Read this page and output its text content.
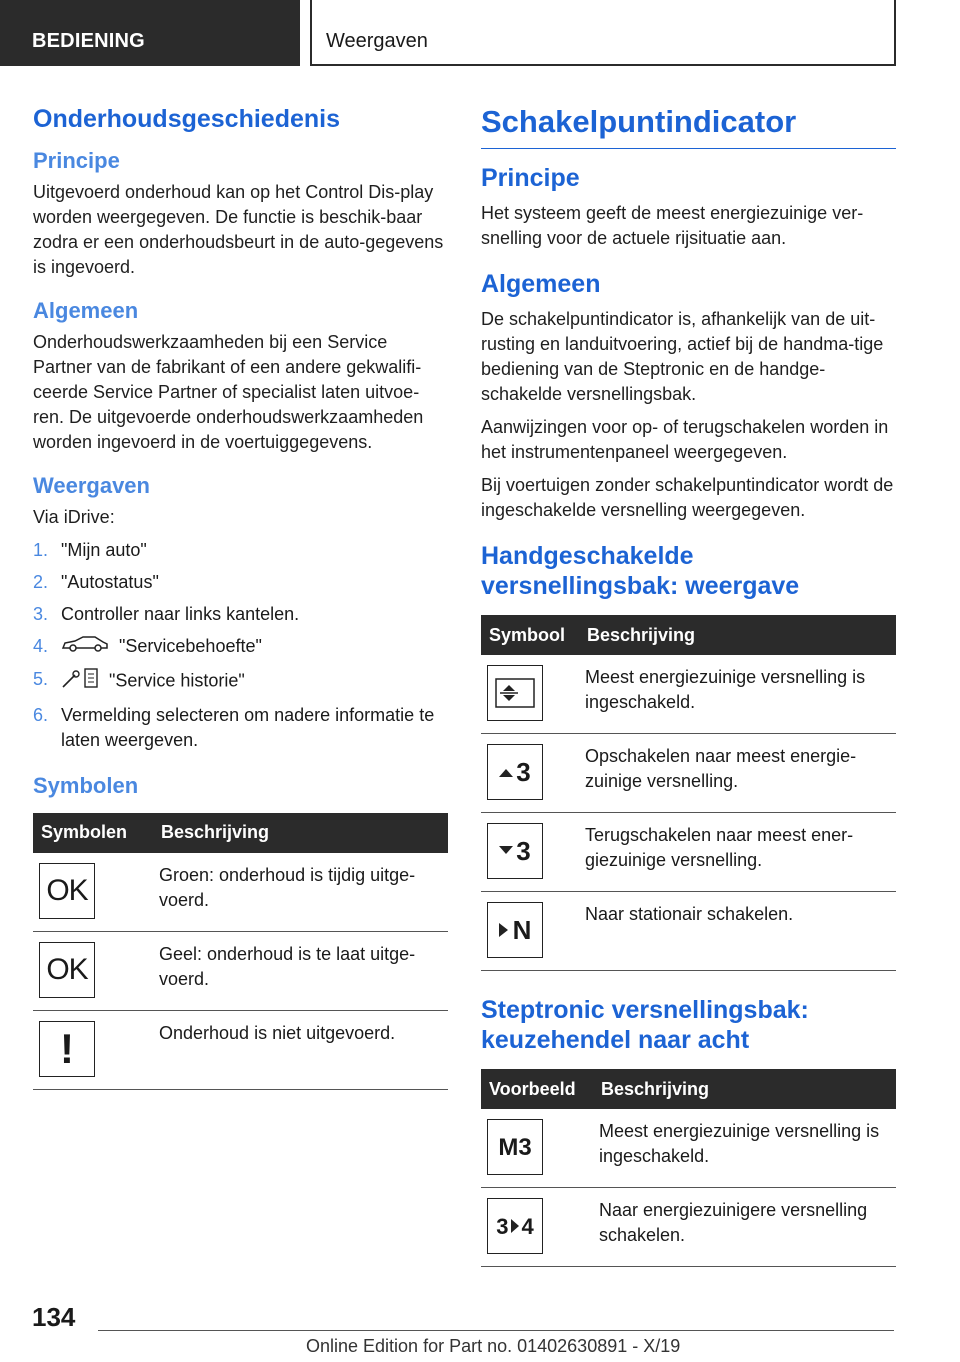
BEDIENING	Weergaven
Onderhoudsgeschiedenis
Principe

Uitgevoerd onderhoud kan op het Control Dis-play worden weergegeven. De functie is beschik-baar zodra er een onderhoudsbeurt in de auto-gegevens is ingevoerd.

Algemeen

Onderhoudswerkzaamheden bij een Service Partner van de fabrikant of een andere gekwalifi-ceerde Service Partner of specialist laten uitvoe-ren. De uitgevoerde onderhoudswerkzaamheden worden ingevoerd in de voertuiggegevens.

Weergaven

Via iDrive:

1. "Mijn auto"
2. "Autostatus"
3. Controller naar links kantelen.
4.	"Servicebehoefte"
5.	"Service historie"
6. Vermelding selecteren om nadere informatie te laten weergeven.
Symbolen
Symbolen	Beschrijving

OK	Groen: onderhoud is tijdig uitge-voerd.

OK	Geel: onderhoud is te laat uitge-voerd.

!	Onderhoud is niet uitgevoerd.
Schakelpuntindicator
Principe

Het systeem geeft de meest energiezuinige ver-snelling voor de actuele rijsituatie aan.

Algemeen

De schakelpuntindicator is, afhankelijk van de uit-rusting en landuitvoering, actief bij de handma-tige bediening van de Steptronic en de handge-schakelde versnellingsbak.

Aanwijzingen voor op- of terugschakelen worden in het instrumentenpaneel weergegeven.

Bij voertuigen zonder schakelpuntindicator wordt de ingeschakelde versnelling weergegeven.

Handgeschakelde versnellingsbak: weergave
Symbool	Beschrijving

	Meest energiezuinige versnelling is ingeschakeld.

3	Opschakelen naar meest energie-zuinige versnelling.

3	Terugschakelen naar meest ener-giezuinige versnelling.

N	Naar stationair schakelen.
Steptronic versnellingsbak: keuzehendel naar acht
Voorbeeld	Beschrijving

M3	Meest energiezuinige versnelling is ingeschakeld.

3 4	Naar energiezuinigere versnelling schakelen.
134
Online Edition for Part no. 01402630891 - X/19
